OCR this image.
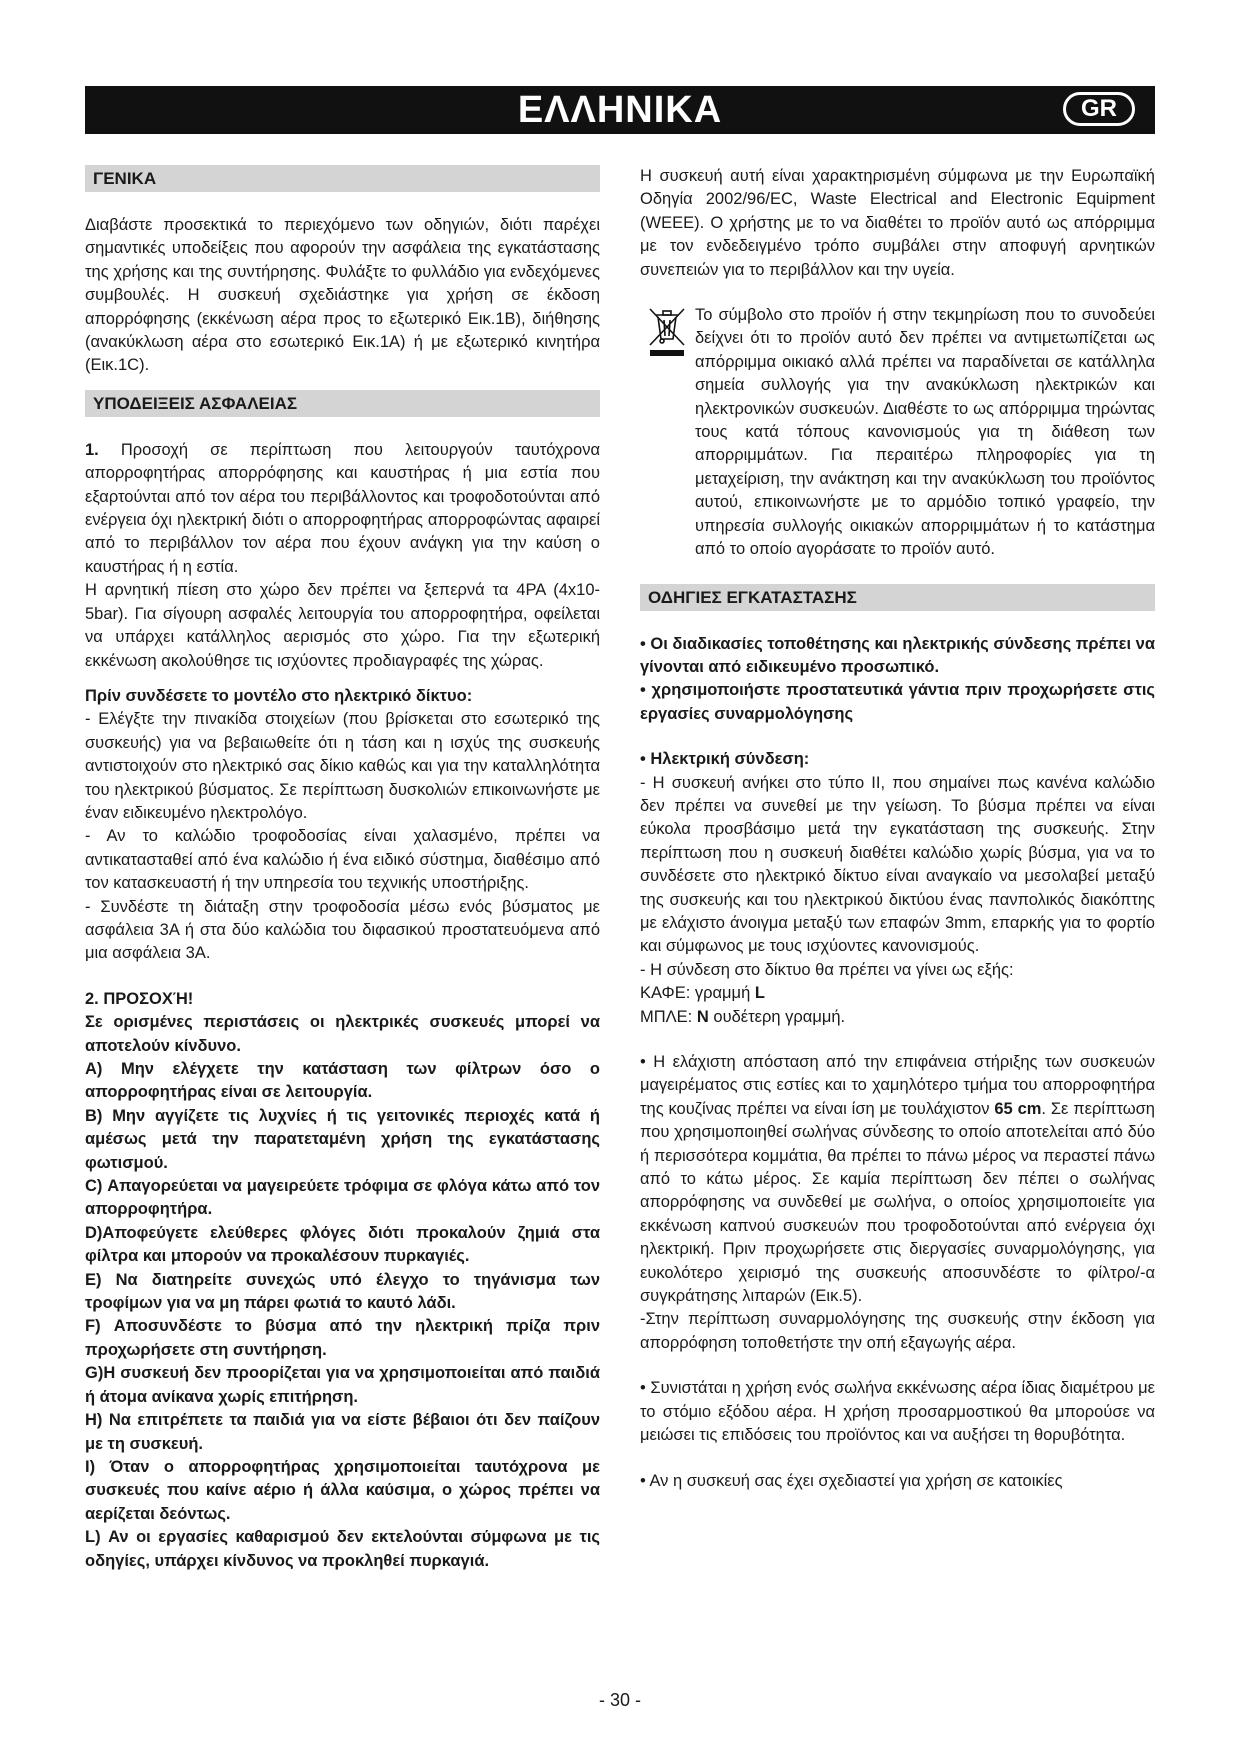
ΕΛΛΗΝΙΚΑ	GR
ΓΕΝΙΚΑ

Διαβάστε προσεκτικά το περιεχόμενο των οδηγιών, διότι παρέχει σημαντικές υποδείξεις που αφορούν την ασφάλεια της εγκατάστασης της χρήσης και της συντήρησης. Φυλάξτε το φυλλάδιο για ενδεχόμενες συμβουλές. Η συσκευή σχεδιάστηκε για χρήση σε έκδοση απορρόφησης (εκκένωση αέρα προς το εξωτερικό Εικ.1B), διήθησης (ανακύκλωση αέρα στο εσωτερικό Εικ.1A) ή με εξωτερικό κινητήρα (Εικ.1C).

ΥΠΟΔΕΙΞΕΙΣ ΑΣΦΑΛΕΙΑΣ

1. Προσοχή σε περίπτωση που λειτουργούν ταυτόχρονα απορροφητήρας απορρόφησης και καυστήρας ή μια εστία που εξαρτούνται από τον αέρα του περιβάλλοντος και τροφοδοτούνται από ενέργεια όχι ηλεκτρική διότι ο απορροφητήρας απορροφώντας αφαιρεί από το περιβάλλον τον αέρα που έχουν ανάγκη για την καύση ο καυστήρας ή η εστία.

Η αρνητική πίεση στο χώρο δεν πρέπει να ξεπερνά τα 4PA (4x10-5bar). Για σίγουρη ασφαλές λειτουργία του απορροφητήρα, οφείλεται να υπάρχει κατάλληλος αερισμός στο χώρο. Για την εξωτερική εκκένωση ακολούθησε τις ισχύοντες προδιαγραφές της χώρας.

Πρίν συνδέσετε το μοντέλο στο ηλεκτρικό δίκτυο:

- Ελέγξτε την πινακίδα στοιχείων (που βρίσκεται στο εσωτερικό της συσκευής) για να βεβαιωθείτε ότι η τάση και η ισχύς της συσκευής αντιστοιχούν στο ηλεκτρικό σας δίκιο καθώς και για την καταλληλότητα του ηλεκτρικού βύσματος. Σε περίπτωση δυσκολιών επικοινωνήστε με έναν ειδικευμένο ηλεκτρολόγο.

- Αν το καλώδιο τροφοδοσίας είναι χαλασμένο, πρέπει να αντικατασταθεί από ένα καλώδιο ή ένα ειδικό σύστημα, διαθέσιμο από τον κατασκευαστή ή την υπηρεσία του τεχνικής υποστήριξης.

- Συνδέστε τη διάταξη στην τροφοδοσία μέσω ενός βύσματος με ασφάλεια 3A ή στα δύο καλώδια του διφασικού προστατευόμενα από μια ασφάλεια 3A.

2. ΠΡΟΣΟΧΉ!

Σε ορισμένες περιστάσεις οι ηλεκτρικές συσκευές μπορεί να αποτελούν κίνδυνο.

A) Μην ελέγχετε την κατάσταση των φίλτρων όσο ο απορροφητήρας είναι σε λειτουργία.

B) Μην αγγίζετε τις λυχνίες ή τις γειτονικές περιοχές κατά ή αμέσως μετά την παρατεταμένη χρήση της εγκατάστασης φωτισμού.

C) Απαγορεύεται να μαγειρεύετε τρόφιμα σε φλόγα κάτω από τον απορροφητήρα.

D)Αποφεύγετε ελεύθερες φλόγες διότι προκαλούν ζημιά στα φίλτρα και μπορούν να προκαλέσουν πυρκαγιές.

E) Να διατηρείτε συνεχώς υπό έλεγχο το τηγάνισμα των τροφίμων για να μη πάρει φωτιά το καυτό λάδι.

F) Αποσυνδέστε το βύσμα από την ηλεκτρική πρίζα πριν προχωρήσετε στη συντήρηση.

G)Η συσκευή δεν προορίζεται για να χρησιμοποιείται από παιδιά ή άτομα ανίκανα χωρίς επιτήρηση.

H) Να επιτρέπετε τα παιδιά για να είστε βέβαιοι ότι δεν παίζουν με τη συσκευή.

I) Όταν ο απορροφητήρας χρησιμοποιείται ταυτόχρονα με συσκευές που καίνε αέριο ή άλλα καύσιμα, ο χώρος πρέπει να αερίζεται δεόντως.

L) Αν οι εργασίες καθαρισμού δεν εκτελούνται σύμφωνα με τις οδηγίες, υπάρχει κίνδυνος να προκληθεί πυρκαγιά.

Η συσκευή αυτή είναι χαρακτηρισμένη σύμφωνα με την Ευρωπαϊκή Οδηγία 2002/96/EC, Waste Electrical and Electronic Equipment (WEEE). Ο χρήστης με το να διαθέτει το προϊόν αυτό ως απόρριμμα με τον ενδεδειγμένο τρόπο συμβάλει στην αποφυγή αρνητικών συνεπειών για το περιβάλλον και την υγεία.

Το σύμβολο στο προϊόν ή στην τεκμηρίωση που το συνοδεύει δείχνει ότι το προϊόν αυτό δεν πρέπει να αντιμετωπίζεται ως απόρριμμα οικιακό αλλά πρέπει να παραδίνεται σε κατάλληλα σημεία συλλογής για την ανακύκλωση ηλεκτρικών και ηλεκτρονικών συσκευών. Διαθέστε το ως απόρριμμα τηρώντας τους κατά τόπους κανονισμούς για τη διάθεση των απορριμμάτων. Για περαιτέρω πληροφορίες για τη μεταχείριση, την ανάκτηση και την ανακύκλωση του προϊόντος αυτού, επικοινωνήστε με το αρμόδιο τοπικό γραφείο, την υπηρεσία συλλογής οικιακών απορριμμάτων ή το κατάστημα από το οποίο αγοράσατε το προϊόν αυτό.

ΟΔΗΓΙΕΣ ΕΓΚΑΤΑΣΤΑΣΗΣ

• Οι διαδικασίες τοποθέτησης και ηλεκτρικής σύνδεσης πρέπει να γίνονται από ειδικευμένο προσωπικό.

• χρησιμοποιήστε προστατευτικά γάντια πριν προχωρήσετε στις εργασίες συναρμολόγησης

• Ηλεκτρική σύνδεση:

- Η συσκευή ανήκει στο τύπο II, που σημαίνει πως κανένα καλώδιο δεν πρέπει να συνεθεί με την γείωση. Το βύσμα πρέπει να είναι εύκολα προσβάσιμο μετά την εγκατάσταση της συσκευής. Στην περίπτωση που η συσκευή διαθέτει καλώδιο χωρίς βύσμα, για να το συνδέσετε στο ηλεκτρικό δίκτυο είναι αναγκαίο να μεσολαβεί μεταξύ της συσκευής και του ηλεκτρικού δικτύου ένας πανπολικός διακόπτης με ελάχιστο άνοιγμα μεταξύ των επαφών 3mm, επαρκής για το φορτίο και σύμφωνος με τους ισχύοντες κανονισμούς.

- Η σύνδεση στο δίκτυο θα πρέπει να γίνει ως εξής:

ΚΑΦΕ: γραμμή L

ΜΠΛΕ: N ουδέτερη γραμμή.

• Η ελάχιστη απόσταση από την επιφάνεια στήριξης των συσκευών μαγειρέματος στις εστίες και το χαμηλότερο τμήμα του απορροφητήρα της κουζίνας πρέπει να είναι ίση με τουλάχιστον 65 cm. Σε περίπτωση που χρησιμοποιηθεί σωλήνας σύνδεσης το οποίο αποτελείται από δύο ή περισσότερα κομμάτια, θα πρέπει το πάνω μέρος να περαστεί πάνω από το κάτω μέρος. Σε καμία περίπτωση δεν πέπει ο σωλήνας απορρόφησης να συνδεθεί με σωλήνα, ο οποίος χρησιμοποιείτε για εκκένωση καπνού συσκευών που τροφοδοτούνται από ενέργεια όχι ηλεκτρική. Πριν προχωρήσετε στις διεργασίες συναρμολόγησης, για ευκολότερο χειρισμό της συσκευής αποσυνδέστε το φίλτρο/-α συγκράτησης λιπαρών (Εικ.5).

-Στην περίπτωση συναρμολόγησης της συσκευής στην έκδοση για απορρόφηση τοποθετήστε την οπή εξαγωγής αέρα.

• Συνιστάται η χρήση ενός σωλήνα εκκένωσης αέρα ίδιας διαμέτρου με το στόμιο εξόδου αέρα. Η χρήση προσαρμοστικού θα μπορούσε να μειώσει τις επιδόσεις του προϊόντος και να αυξήσει τη θορυβότητα.

• Αν η συσκευή σας έχει σχεδιαστεί για χρήση σε κατοικίες

- 30 -
